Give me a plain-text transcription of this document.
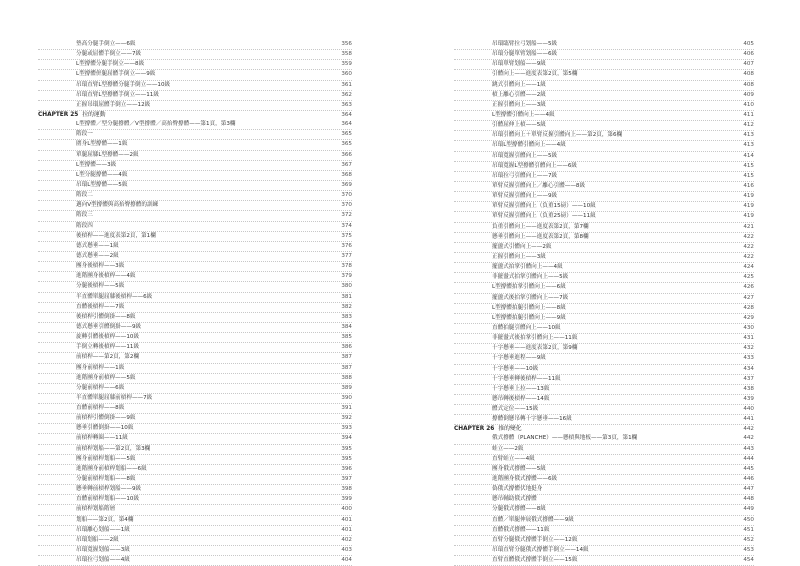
墊高分腿手倒立——6級	356
分腿或屈體手倒立——7級	358
L型撐體分腿手倒立——8級	359
L型撐體併腿屈體手倒立——9級	360
吊環直臂L型撐體分腿手倒立——10級	361
吊環直臂L型撐體手倒立——11級	362
正握吊環屈體手倒立——12級	363
CHAPTER 25 拉的運動	364
L型撐體／型分腿撐體／V型撐體／高抬臀撐體——第1頁，第3欄	364
階段一	365
圍身L型撐體——1級	365
單腿屈膝L型撐體——2級	366
L型撐體——3級	367
L型分腿撐體——4級	368
吊環L型撐體——5級	369
階段二	370
邁向V型撐體與高抬臀撐體的訓練	370
階段三	372
階段四	374
後槓桿——進度表第2頁，第1欄	375
德式懸垂——1級	376
德式懸垂——2級	377
團身後槓桿——3級	378
進階團身後槓桿——4級	379
分腿後槓桿——5級	380
半直體單腿屈膝後槓桿——6級	381
直體後槓桿——7級	382
後槓桿引體倒掛——8級	383
德式懸垂引體倒掛——9級	384
旋轉引體後槓桿——10級	385
手倒立轉後槓桿——11級	386
前槓桿——第2頁，第2欄	387
團身前槓桿——1級	387
進階團身前槓桿——5級	388
分腿前槓桿——6級	389
半直體單腿屈膝前槓桿——7級	390
直體前槓桿——8級	391
前槓桿引體倒掛——9級	392
懸垂引體倒掛——10級	393
前槓桿轉圈——11級	394
前槓桿划船——第2頁，第3欄	395
團身前槓桿划船——5級	395
進階團身前槓桿划船——6級	396
分腿前槓桿划船——8級	397
懸垂轉前槓桿划船——9級	398
直體前槓桿划船——10級	399
前槓桿划船階層	400
划船——第2頁，第4欄	401
吊環離心划船——1級	401
吊環划船——2級	402
吊環寬握划船——3級	403
吊環拉弓划船——4級	404
吊環臨臂拉弓划船——5級	405
吊環分腿單臂划船——6級	406
吊環單臂划船——9級	407
引體向上——進度表第2頁，第5欄	408
跳式引體向上——1級	408
槓上離心引體——2級	409
正握引體向上——3級	410
L型撐體引體向上——4級	411
引體屈伸上槓——5級	412
吊環引體向上＋單臂反握引體向上——第2頁，第6欄	413
吊環L型撐體引體向上——4級	413
吊環寬握引體向上——5級	414
吊環寬握L型撐體引體向上——6級	415
吊環拉弓引體向上——7級	415
單臂反握引體向上／離心引體——8級	416
單臂反握引體向上——9級	419
單臂反握引體向上（負重15磅）——10級	419
單臂反握引體向上（負重25磅）——11級	419
負重引體向上——進度表第2頁，第7欄	421
懸垂引體向上——進度表第2頁，第8欄	422
擺盪式引體向上——2級	422
正握引體向上——3級	422
擺盪式拍掌引體向上——4級	424
非擺盪式拍掌引體向上——5級	425
L型撐體拍掌引體向上——6級	426
擺盪式後拍掌引體向上——7級	427
L型撐體拍腿引體向上——8級	428
L型撐體拍腿引體向上——9級	429
直體拍腿引體向上——10級	430
非擺盪式後拍掌引體向上——11級	431
十字懸垂——進度表第2頁，第9欄	432
十字懸垂進程——9級	433
十字懸垂——10級	434
十字懸垂轉後槓桿——11級	437
十字懸垂上拉——13級	438
懸吊轉後槓桿——14級	439
體式定位——15級	440
撐體倒懸吊轉十字懸垂——16級	441
CHAPTER 26 推的變化	442
俄式撐體（PLANCHE）——懸槓與地板——第3頁，第1欄	442
蛙立——2級	443
直臂蛙立——4級	444
團身俄式撐體——5級	445
進階團身俄式撐體——6級	446
偽俄式撐體伏地挺身	447
懸吊輔助俄式撐體	448
分腿俄式撐體——8級	449
直體／單腿伸展俄式撐體——9級	450
直體俄式撐體——11級	451
直臂分腿俄式撐體手倒立——12級	452
吊環直臂分腿俄式撐體手倒立——14級	453
直臂直體俄式撐體手倒立——15級	454
